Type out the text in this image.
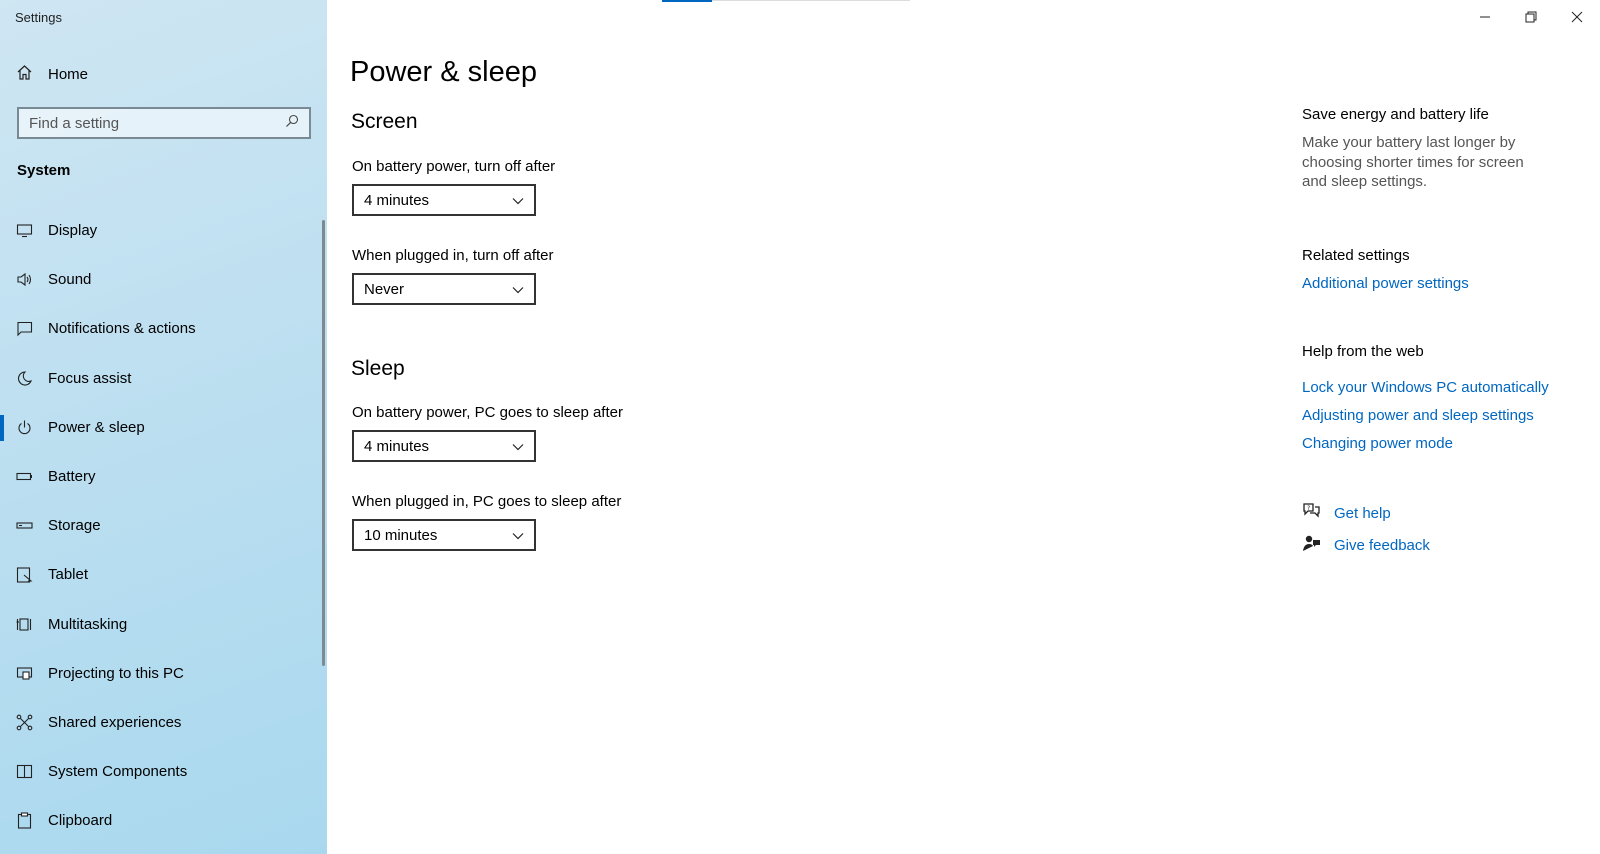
Settings
Home
Find a setting
System
Display
Sound
Notifications & actions
Focus assist
Power & sleep
Battery
Storage
Tablet
Multitasking
Projecting to this PC
Shared experiences
System Components
Clipboard
Power & sleep
Screen
On battery power, turn off after
4 minutes
When plugged in, turn off after
Never
Sleep
On battery power, PC goes to sleep after
4 minutes
When plugged in, PC goes to sleep after
10 minutes
Save energy and battery life
Make your battery last longer by choosing shorter times for screen and sleep settings.
Related settings
Additional power settings
Help from the web
Lock your Windows PC automatically
Adjusting power and sleep settings
Changing power mode
? Get help
Give feedback
